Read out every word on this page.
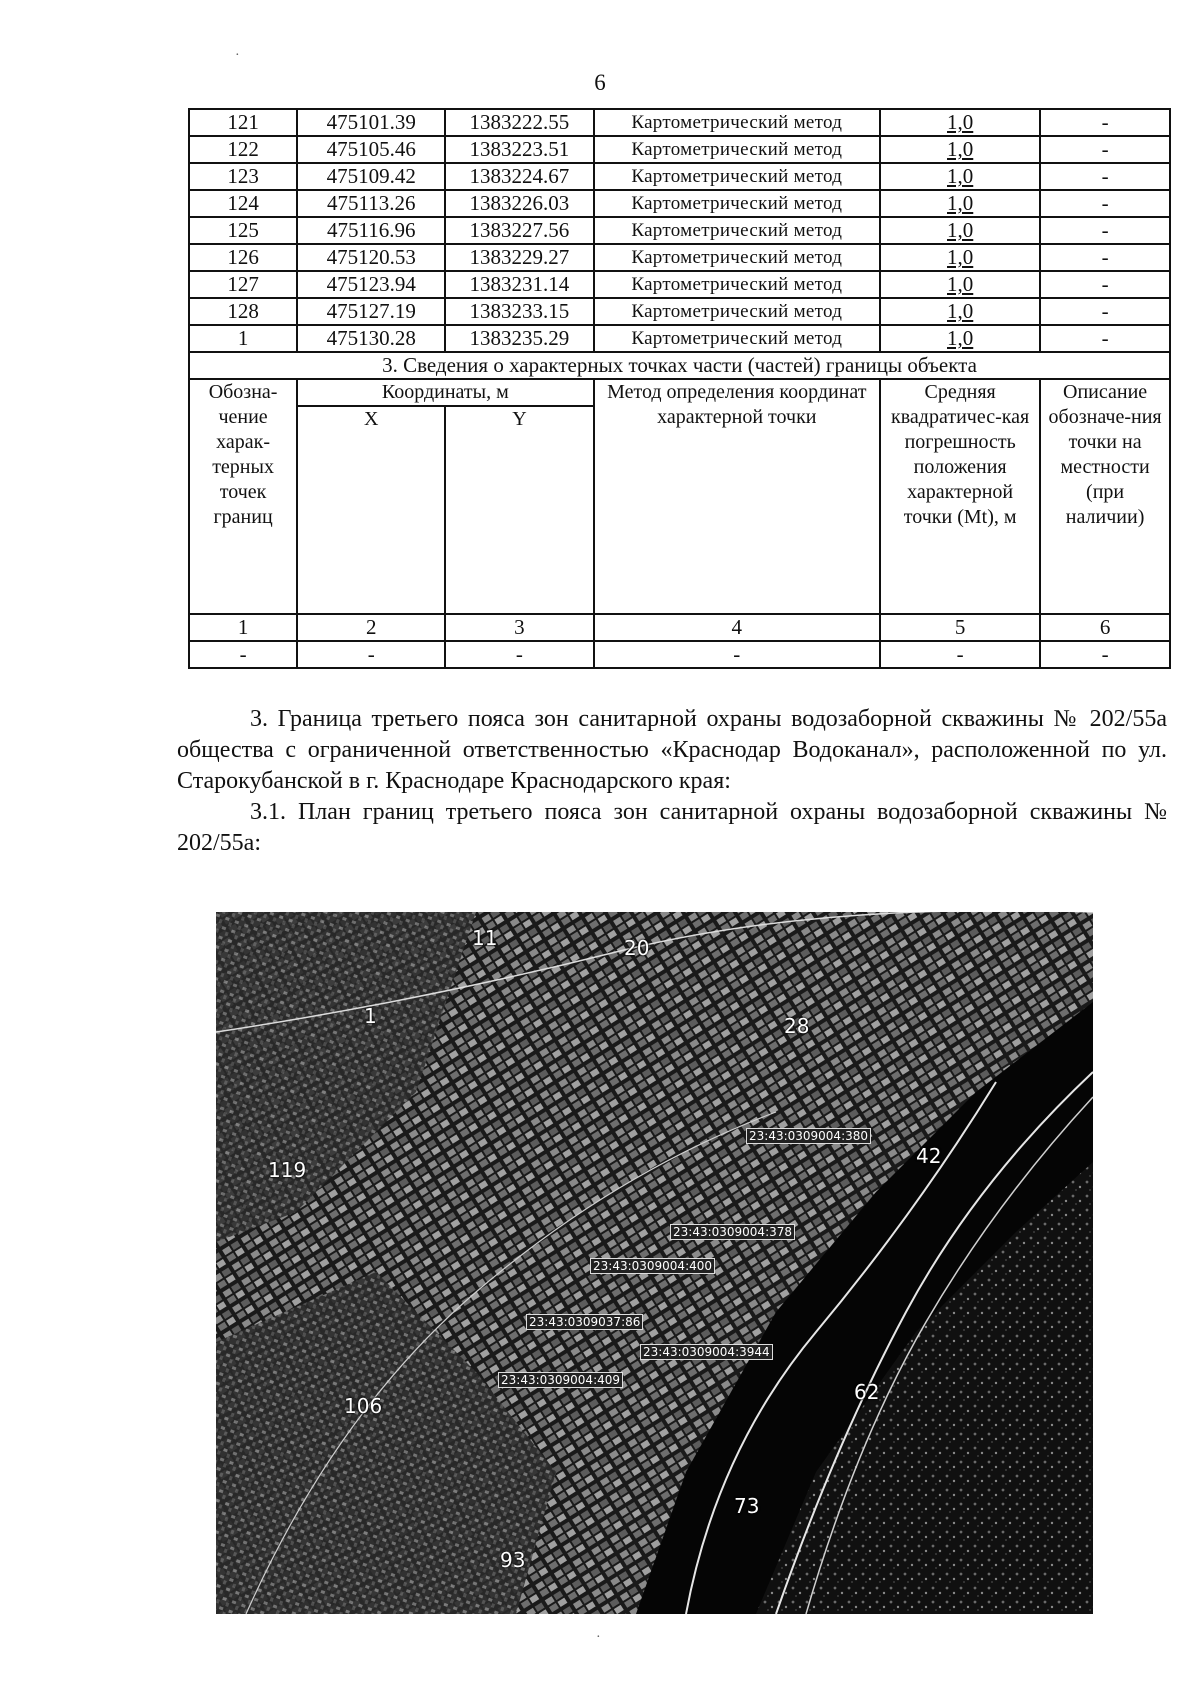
6
121	475101.39	1383222.55	Картометрический метод	1,0	-
122	475105.46	1383223.51	Картометрический метод	1,0	-
123	475109.42	1383224.67	Картометрический метод	1,0	-
124	475113.26	1383226.03	Картометрический метод	1,0	-
125	475116.96	1383227.56	Картометрический метод	1,0	-
126	475120.53	1383229.27	Картометрический метод	1,0	-
127	475123.94	1383231.14	Картометрический метод	1,0	-
128	475127.19	1383233.15	Картометрический метод	1,0	-
1	475130.28	1383235.29	Картометрический метод	1,0	-
3. Сведения о характерных точках части (частей) границы объекта					
Обозна-чение харак-терных точек границ	Координаты, м		Метод определения координат характерной точки	Средняя квадратичес-кая погрешность положения характерной точки (Mt), м	Описание обозначе-ния точки на местности (при наличии)
	X	Y			
1	2	3	4	5	6
-	-	-	-	-	-
3. Граница третьего пояса зон санитарной охраны водозаборной скважины № 202/55а общества с ограниченной ответственностью «Краснодар Водоканал», расположенной по ул. Старокубанской в г. Краснодаре Краснодарского края:
3.1. План границ третьего пояса зон санитарной охраны водозаборной скважины № 202/55а:
11	20
28
1
119
42
106
62
73
93
23:43:0309004:380
23:43:0309004:378
23:43:0309004:400
23:43:0309037:86
23:43:0309004:3944
23:43:0309004:409
·
·
